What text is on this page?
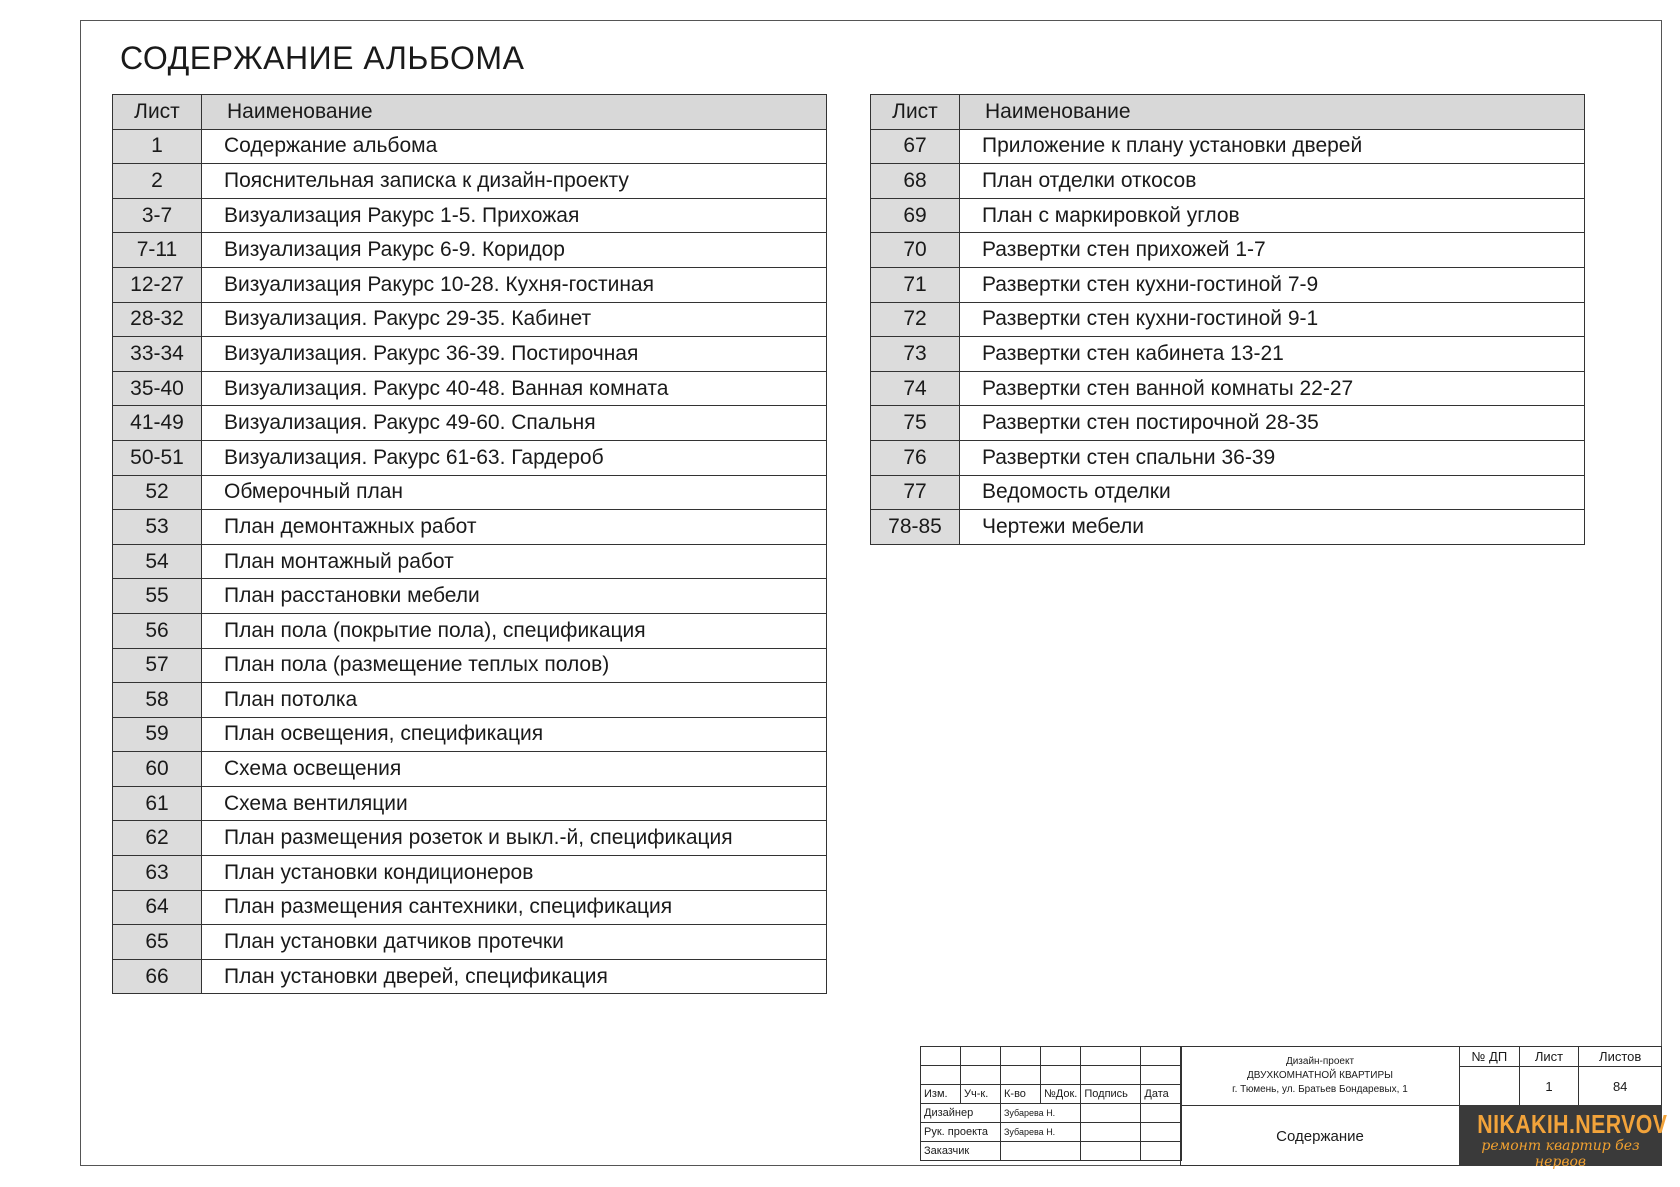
СОДЕРЖАНИЕ АЛЬБОМА
Лист	Наименование
1	Содержание альбома
2	Пояснительная записка к дизайн-проекту
3-7	Визуализация Ракурс 1-5. Прихожая
7-11	Визуализация Ракурс 6-9. Коридор
12-27	Визуализация Ракурс 10-28. Кухня-гостиная
28-32	Визуализация. Ракурс 29-35. Кабинет
33-34	Визуализация. Ракурс 36-39. Постирочная
35-40	Визуализация. Ракурс 40-48. Ванная комната
41-49	Визуализация. Ракурс 49-60. Спальня
50-51	Визуализация. Ракурс 61-63. Гардероб
52	Обмерочный план
53	План демонтажных работ
54	План монтажный работ
55	План расстановки мебели
56	План пола (покрытие пола), спецификация
57	План пола (размещение теплых полов)
58	План потолка
59	План освещения, спецификация
60	Схема освещения
61	Схема вентиляции
62	План размещения розеток и выкл.-й, спецификация
63	План установки кондиционеров
64	План размещения сантехники, спецификация
65	План установки датчиков протечки
66	План установки дверей, спецификация
Лист	Наименование
67	Приложение к плану установки дверей
68	План отделки откосов
69	План с маркировкой углов
70	Развертки стен прихожей 1-7
71	Развертки стен кухни-гостиной 7-9
72	Развертки стен кухни-гостиной 9-1
73	Развертки стен кабинета 13-21
74	Развертки стен ванной комнаты 22-27
75	Развертки стен постирочной 28-35
76	Развертки стен спальни 36-39
77	Ведомость отделки
78-85	Чертежи мебели

Изм.	Уч-к.	К-во	№Док.	Подпись	Дата
Дизайнер		Зубарева Н.			
Рук. проекта		Зубарева Н.			
Заказчик					
Дизайн-проект
ДВУХКОМНАТНОЙ КВАРТИРЫ
г. Тюмень, ул. Братьев Бондаревых, 1
Содержание
№ ДП	Лист	Листов
	1	84
NIKAKIH.NERVOV
ремонт квартир без нервов
